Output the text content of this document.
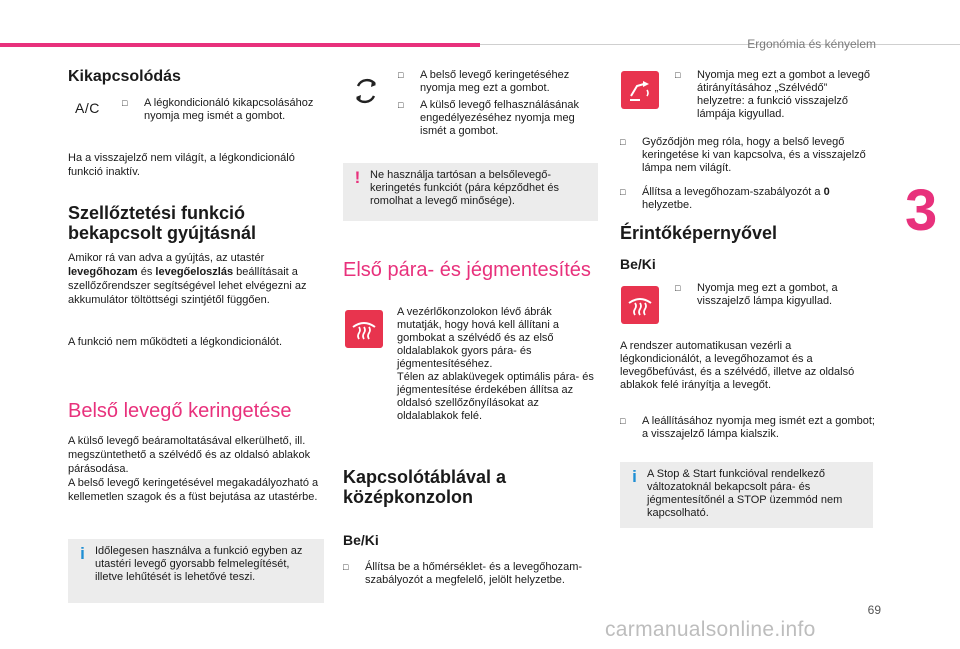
Ergonómia és kényelem
3
Kikapcsolódás
A/C □	A légkondicionáló kikapcsolásához nyomja meg ismét a gombot.

Ha a visszajelző nem világít, a légkondicionáló funkció inaktív.

Szellőztetési funkció bekapcsolt gyújtásnál

Amikor rá van adva a gyújtás, az utastér levegőhozam és levegőeloszlás beállításait a szellőzőrendszer segítségével lehet elvégezni az akkumulátor töltöttségi szintjétől függően.

A funkció nem működteti a légkondicionálót.

Belső levegő keringetése

A külső levegő beáramoltatásával elkerülhető, ill. megszüntethető a szélvédő és az oldalsó ablakok párásodása.
A belső levegő keringetésével megakadályozható a kellemetlen szagok és a füst bejutása az utastérbe.

i Időlegesen használva a funkció egyben az utastéri levegő gyorsabb felmelegítését, illetve lehűtését is lehetővé teszi.
□	A belső levegő keringetéséhez nyomja meg ezt a gombot.
□	A külső levegő felhasználásának engedélyezéséhez nyomja meg ismét a gombot.
! Ne használja tartósan a belsőlevegő-keringetés funkciót (pára képződhet és romolhat a levegő minősége).
Első pára- és jégmentesítés

A vezérlőkonzolokon lévő ábrák mutatják, hogy hová kell állítani a gombokat a szélvédő és az első oldalablakok gyors pára- és jégmentesítéséhez.
Télen az ablaküvegek optimális pára- és jégmentesítése érdekében állítsa az oldalsó szellőzőnyílásokat az oldalablakok felé.

Kapcsolótáblával a középkonzolon
Be/Ki
□	Állítsa be a hőmérséklet- és a levegőhozam-szabályozót a megfelelő, jelölt helyzetbe.
□	Nyomja meg ezt a gombot a levegő átirányításához „Szélvédő” helyzetre: a funkció visszajelző lámpája kigyullad.
□	Győződjön meg róla, hogy a belső levegő keringetése ki van kapcsolva, és a visszajelző lámpa nem világít.
□	Állítsa a levegőhozam-szabályozót a 0 helyzetbe.
Érintőképernyővel
Be/Ki
□	Nyomja meg ezt a gombot, a visszajelző lámpa kigyullad.

A rendszer automatikusan vezérli a légkondicionálót, a levegőhozamot és a levegőbefúvást, és a szélvédő, illetve az oldalsó ablakok felé irányítja a levegőt.

□	A leállításához nyomja meg ismét ezt a gombot; a visszajelző lámpa kialszik.
i A Stop & Start funkcióval rendelkező változatoknál bekapcsolt pára- és jégmentesítőnél a STOP üzemmód nem kapcsolható.
69
carmanualsonline.info
